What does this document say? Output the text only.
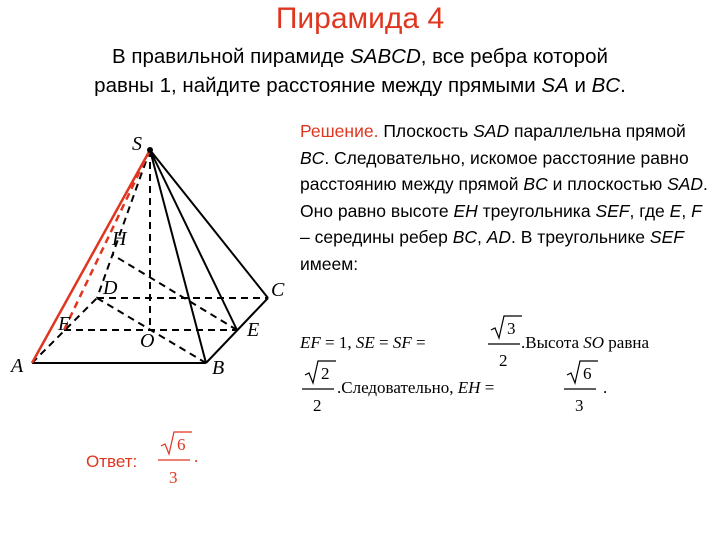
Пирамида 4
В правильной пирамиде SABCD, все ребра которой
равны 1, найдите расстояние между прямыми SA и BC.
S
A	B
C
D
E
F
H
O
Решение. Плоскость SAD параллельна прямой BC. Следовательно, искомое расстояние равно расстоянию между прямой BC и плоскостью SAD. Оно равно высоте EH треугольника SEF, где E, F – середины ребер BC, AD. В треугольнике SEF имеем:
EF = 1, SE = SF =
3
2
.Высота SO равна
2
2
.Следовательно, EH =
6
3
.
Ответ:
6
3
.
